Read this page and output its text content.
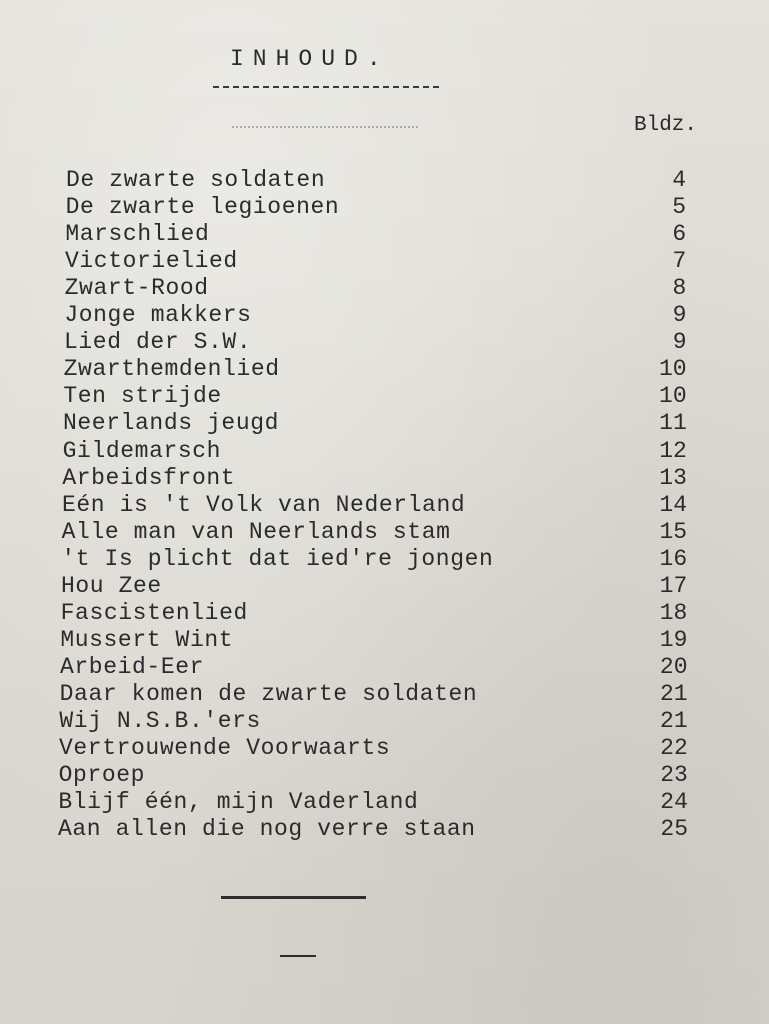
INHOUD.
Bldz.
De zwarte soldaten	4
De zwarte legioenen	5
Marschlied	6
Victorielied	7
Zwart-Rood	8
Jonge makkers	9
Lied der S.W.	9
Zwarthemdenlied	10
Ten strijde	10
Neerlands jeugd	11
Gildemarsch	12
Arbeidsfront	13
Eén is 't Volk van Nederland	14
Alle man van Neerlands stam	15
't Is plicht dat ied're jongen	16
Hou Zee	17
Fascistenlied	18
Mussert Wint	19
Arbeid-Eer	20
Daar komen de zwarte soldaten	21
Wij N.S.B.'ers	21
Vertrouwende Voorwaarts	22
Oproep	23
Blijf één, mijn Vaderland	24
Aan allen die nog verre staan	25
